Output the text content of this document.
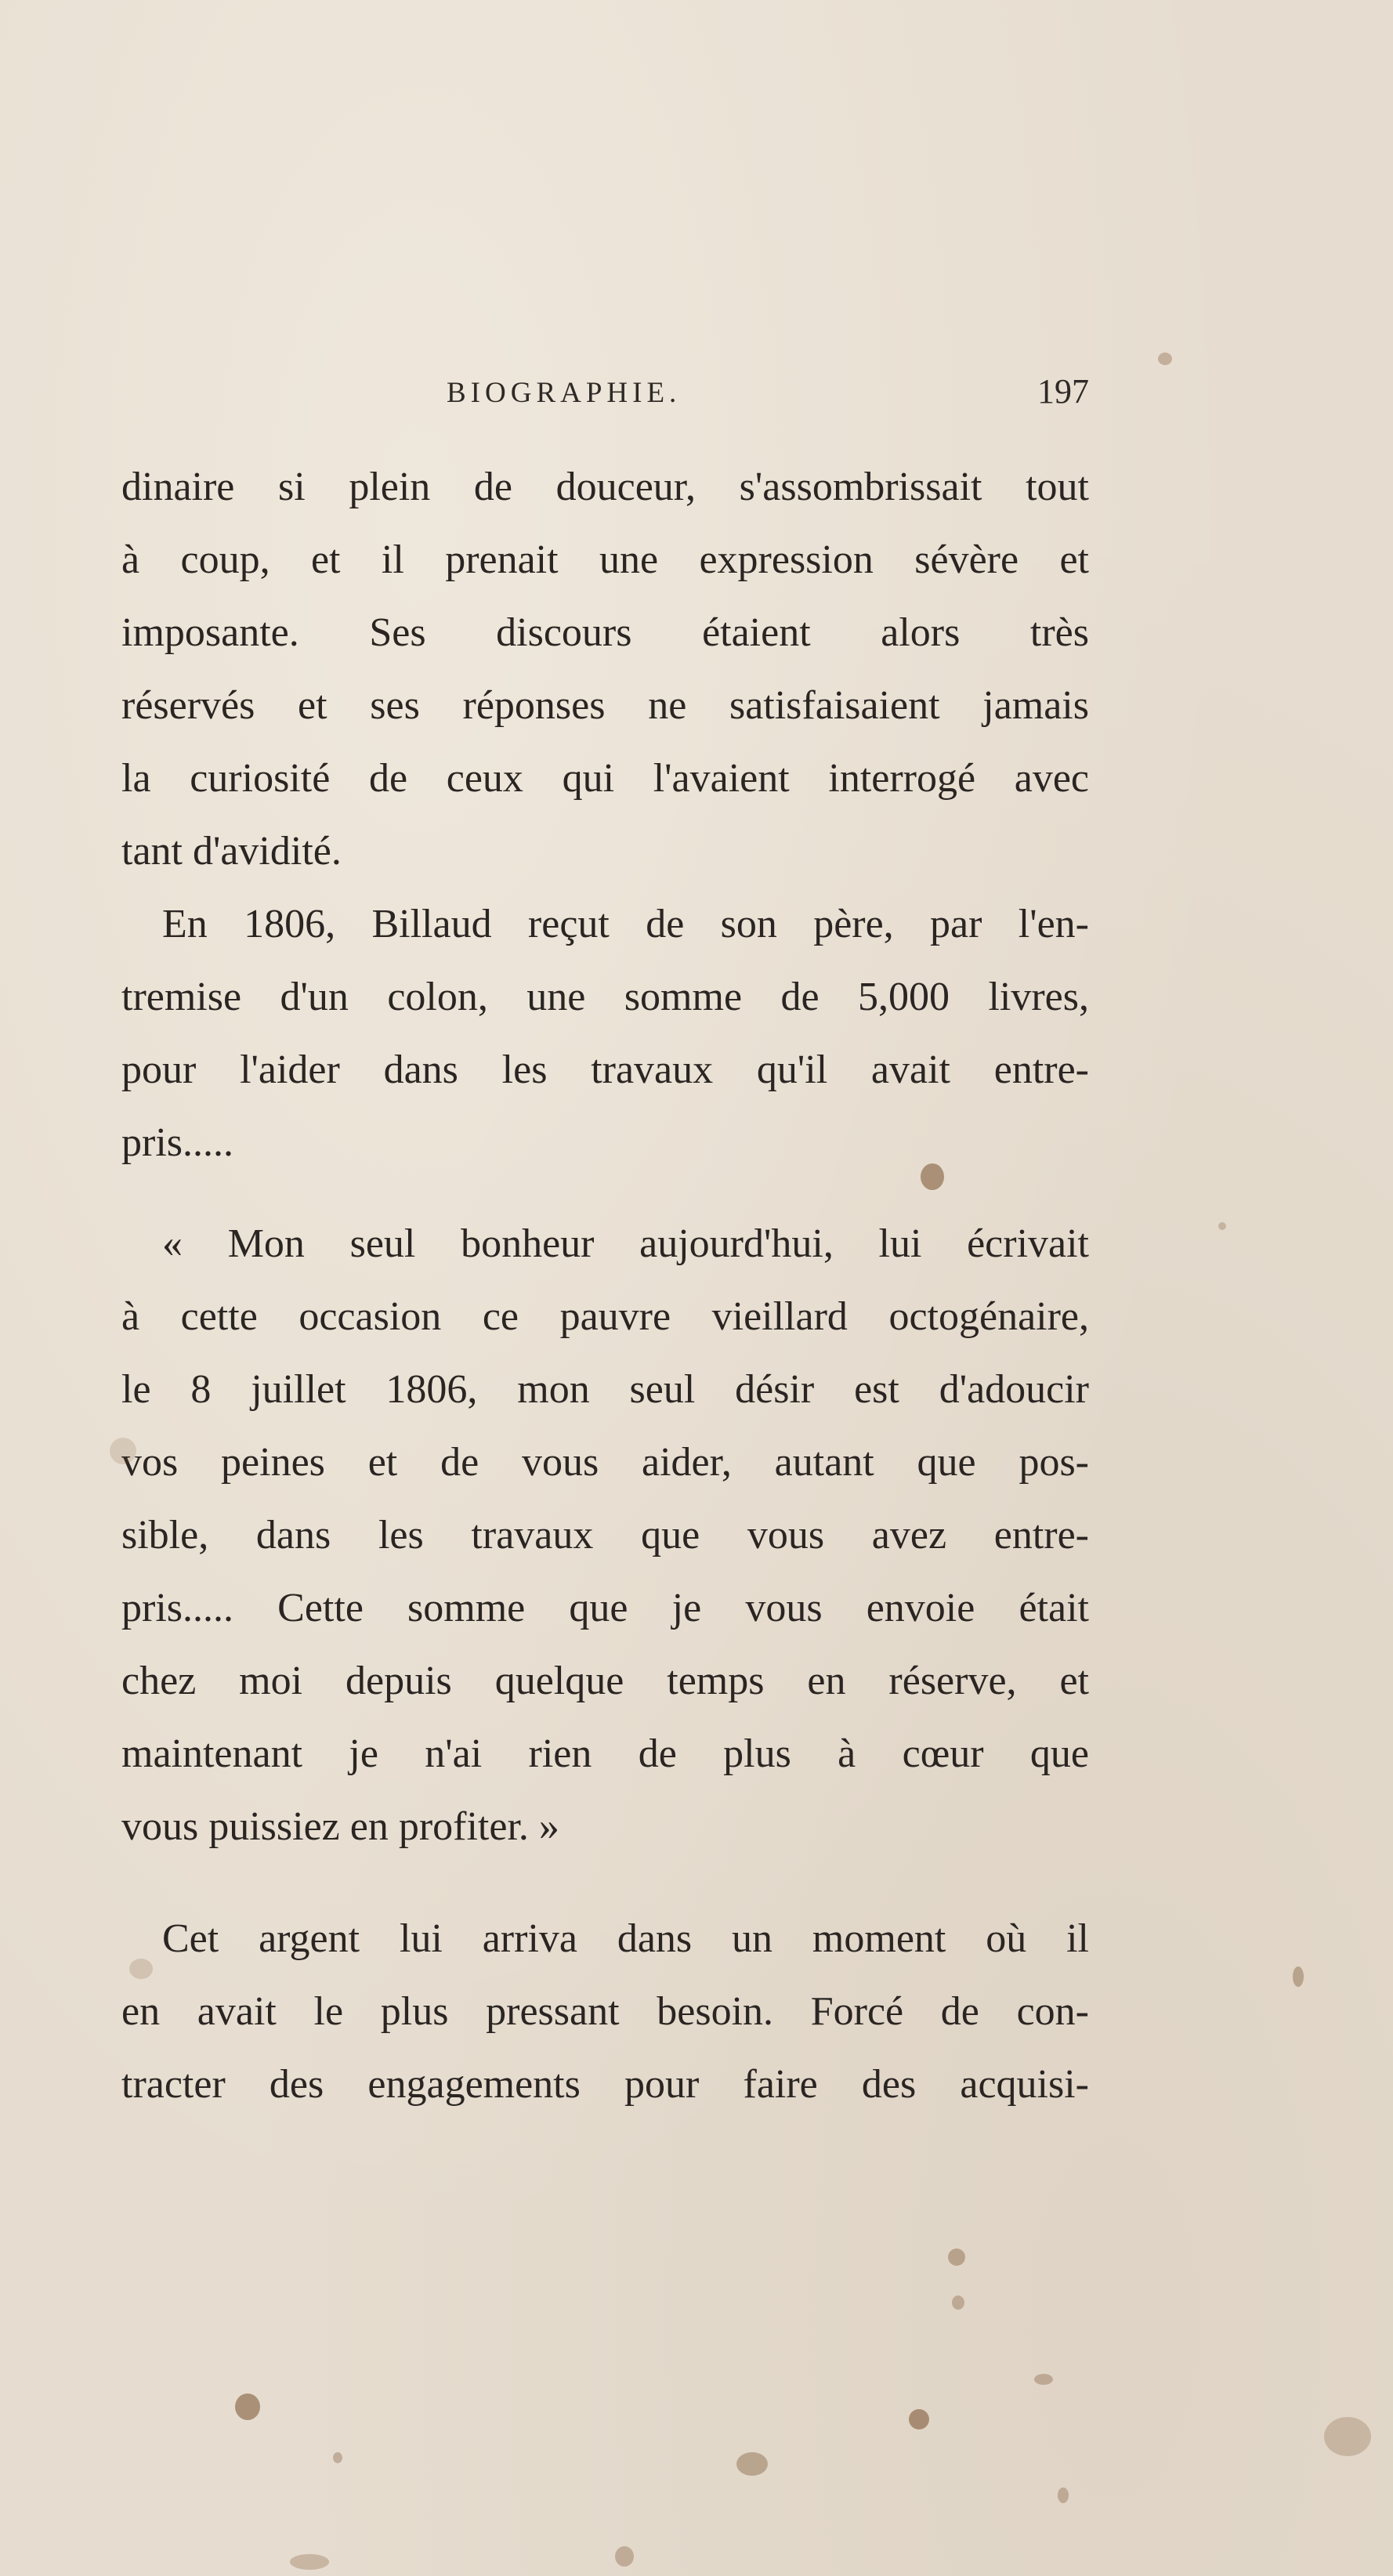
BIOGRAPHIE.	197
dinaire si plein de douceur, s'assombrissait tout
à coup, et il prenait une expression sévère et
imposante. Ses discours étaient alors très
réservés et ses réponses ne satisfaisaient jamais
la curiosité de ceux qui l'avaient interrogé avec
tant d'avidité.
En 1806, Billaud reçut de son père, par l'en-
tremise d'un colon, une somme de 5,000 livres,
pour l'aider dans les travaux qu'il avait entre-
pris.....
« Mon seul bonheur aujourd'hui, lui écrivait
à cette occasion ce pauvre vieillard octogénaire,
le 8 juillet 1806, mon seul désir est d'adoucir
vos peines et de vous aider, autant que pos-
sible, dans les travaux que vous avez entre-
pris..... Cette somme que je vous envoie était
chez moi depuis quelque temps en réserve, et
maintenant je n'ai rien de plus à cœur que
vous puissiez en profiter. »
Cet argent lui arriva dans un moment où il
en avait le plus pressant besoin. Forcé de con-
tracter des engagements pour faire des acquisi-
